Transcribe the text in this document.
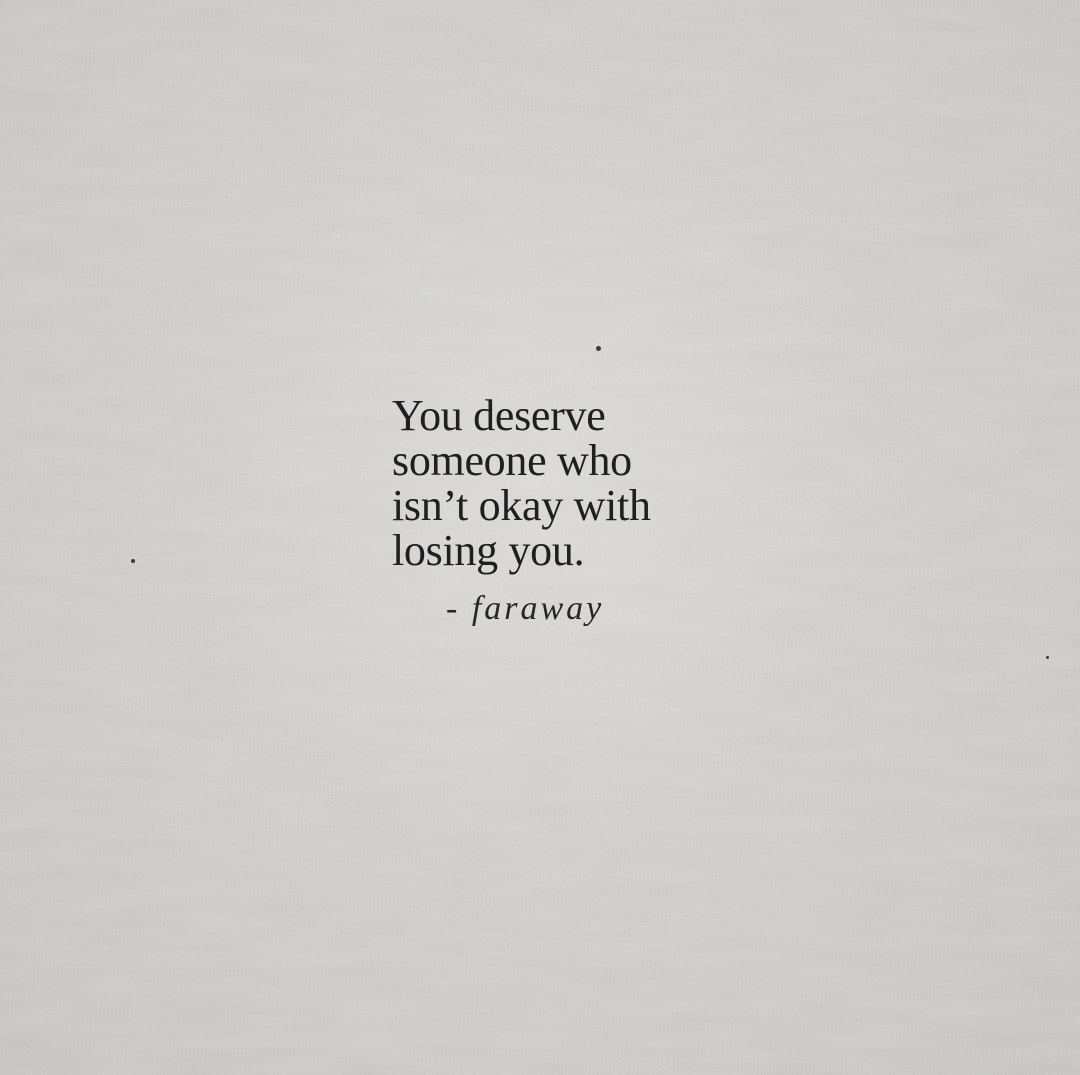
You deserve
someone who
isn’t okay with
losing you.
- faraway
